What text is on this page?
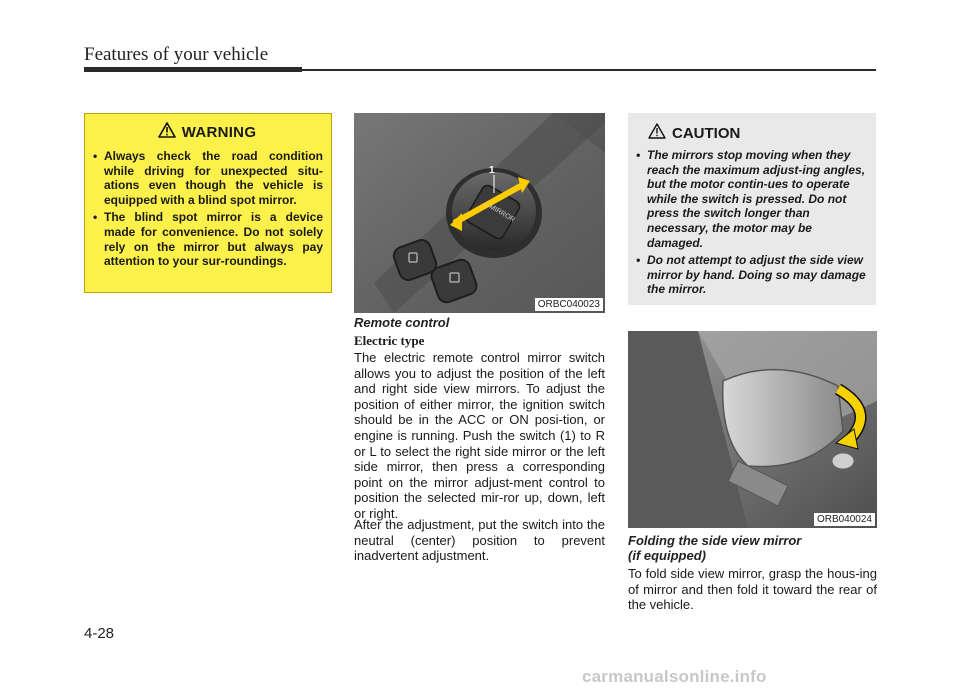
Features of your vehicle
WARNING
• Always check the road condition while driving for unexpected situ-ations even though the vehicle is equipped with a blind spot mirror.
• The blind spot mirror is a device made for convenience. Do not solely rely on the mirror but always pay attention to your sur-roundings.
L MIRROR
1
ORBC040023
CAUTION
• The mirrors stop moving when they reach the maximum adjust-ing angles, but the motor contin-ues to operate while the switch is pressed. Do not press the switch longer than necessary, the motor may be damaged.
• Do not attempt to adjust the side view mirror by hand. Doing so may damage the mirror.
ORB040024
Remote control
Electric type

The electric remote control mirror switch allows you to adjust the position of the left and right side view mirrors. To adjust the position of either mirror, the ignition switch should be in the ACC or ON posi-tion, or engine is running. Push the switch (1) to R or L to select the right side mirror or the left side mirror, then press a corresponding point on the mirror adjust-ment control to position the selected mir-ror up, down, left or right.

After the adjustment, put the switch into the neutral (center) position to prevent inadvertent adjustment.

Folding the side view mirror
(if equipped)

To fold side view mirror, grasp the hous-ing of mirror and then fold it toward the rear of the vehicle.

4-28
carmanualsonline.info
